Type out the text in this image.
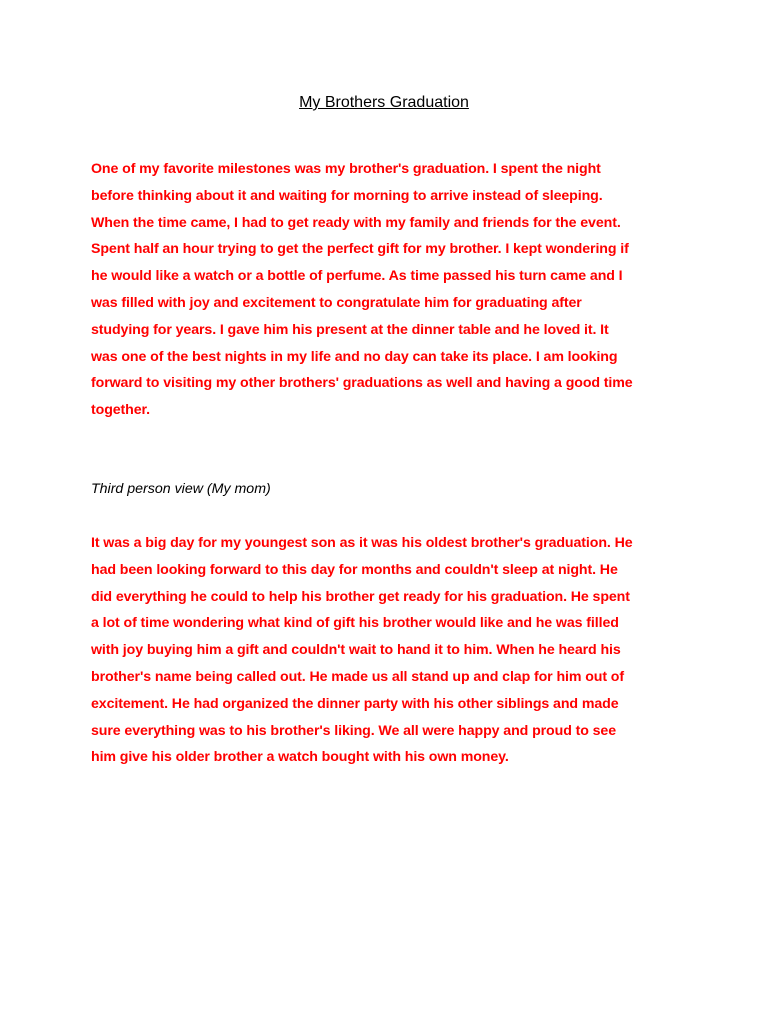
My Brothers Graduation

One of my favorite milestones was my brother's graduation. I spent the night
before thinking about it and waiting for morning to arrive instead of sleeping.
When the time came, I had to get ready with my family and friends for the event.
Spent half an hour trying to get the perfect gift for my brother. I kept wondering if
he would like a watch or a bottle of perfume. As time passed his turn came and I
was filled with joy and excitement to congratulate him for graduating after
studying for years. I gave him his present at the dinner table and he loved it. It
was one of the best nights in my life and no day can take its place. I am looking
forward to visiting my other brothers' graduations as well and having a good time
together.

Third person view (My mom)

It was a big day for my youngest son as it was his oldest brother's graduation. He
had been looking forward to this day for months and couldn't sleep at night. He
did everything he could to help his brother get ready for his graduation. He spent
a lot of time wondering what kind of gift his brother would like and he was filled
with joy buying him a gift and couldn't wait to hand it to him. When he heard his
brother's name being called out. He made us all stand up and clap for him out of
excitement. He had organized the dinner party with his other siblings and made
sure everything was to his brother's liking. We all were happy and proud to see
him give his older brother a watch bought with his own money.
